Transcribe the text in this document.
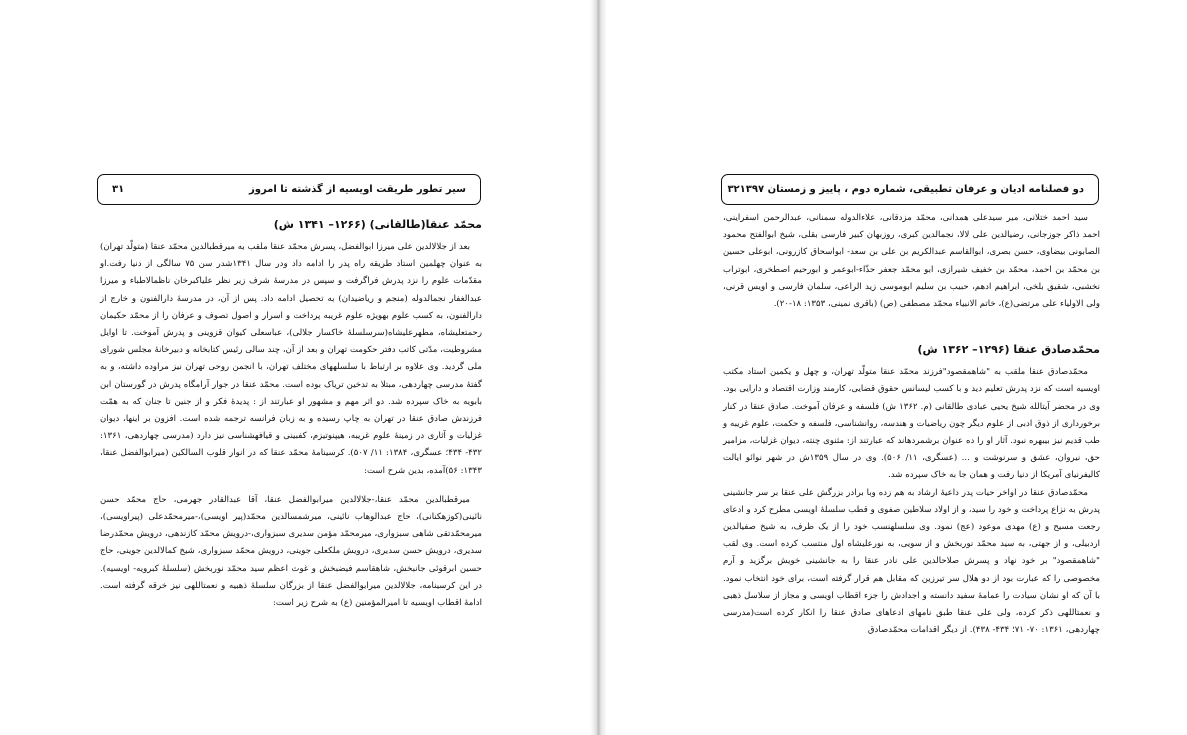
سیر تطور طریقت اویسیه از گذشته تا امروز
۳۱
محمّد عنقا(طالقانی) (۱۲۶۶– ۱۳۴۱ ش)

بعد از جلالالدین علی میرزا ابوالفضل، پسرش محمّد عنقا ملقب به میرقطبالدین محمّد عنقا (متولّد تهران) به عنوان چهلمین استاد طریقه راه پدر را ادامه داد ودر سال ۱۳۴۱شدر سن ۷۵ سالگی از دنیا رفت.او مقدّمات علوم را نزد پدرش فراگرفت و سپس در مدرسۀ شرف زیر نظر علیاکبرخان ناظمالاطباء و میرزا عبدالغفار نجمالدوله (منجم و ریاضیدان) به تحصیل ادامه داد. پس از آن، در مدرسۀ دارالفنون و خارج از دارالفنون، به کسب علوم بهویژه علوم غریبه پرداخت و اسرار و اصول تصوف و عرفان را از محمّد حکیمان رحمتعلیشاه، مطهرعلیشاه(سرسلسلۀ خاکسار جلالی)، عباسعلی کیوان قزوینی و پدرش آموخت. تا اوایل مشروطیت، مدّتی کاتب دفتر حکومت تهران و بعد از آن، چند سالی رئیس کتابخانه و دبیرخانۀ مجلس شورای ملی گردید. وی علاوه بر ارتباط با سلسلههای مختلف تهران، با انجمن روحی تهران نیز مراوده داشته، و به گفتۀ مدرسی چهاردهی، مبتلا به تدخین تریاک بوده است. محمّد عنقا در جوار آرامگاه پدرش در گورستان ابن بابویه به خاک سپرده شد. دو اثر مهم و مشهور او عبارتند از : پدیدۀ فکر و از جنین تا جنان که به همّت فرزندش صادق عنقا در تهران به چاپ رسیده و به زبان فرانسه ترجمه شده است. افزون بر اینها، دیوان غزلیات و آثاری در زمینۀ علوم غریبه، هیپنوتیزم، کفبینی و قیافهشناسی نیز دارد (مدرسی چهاردهی، ۱۳۶۱: ۴۳۲- ۴۳۴؛ عسگری، ۱۳۸۴: ۱۱/ ۵۰۷). کرسینامۀ محمّد عنقا که در انوار قلوب السالکین (میرابوالفضل عنقا، ۱۳۴۳: ۵۶)آمده، بدین شرح است:

میرقطبالدین محمّد عنقا،-جلالالدین میرابوالفضل عنقا، آقا عبدالقادر جهرمی، حاج محمّد حسن نائینی(کوزهکنانی)، حاج عبدالوهاب نائینی، میرشمسالدین محمّد(پیر اویسی)،-میرمحمّدعلی (پیراویسی)، میرمحمّدتقی شاهی سبزواری، میرمحمّد مؤمن سدیری سبزواری،-درویش محمّد کازندهی، درویش محمّدرضا سدیری، درویش حسن سدیری، درویش ملکعلی جوینی، درویش محمّد سبزواری، شیخ کمالالدین جوینی، حاج حسین ابرقوئی جانبخش، شاهقاسم فیضبخش و غوث اعظم سید محمّد نوربخش (سلسلۀ کبرویه- اویسیه). در این کرسینامه، جلالالدین میرابوالفضل عنقا از بزرگان سلسلۀ ذهبیه و نعمتاللهی نیز خرقه گرفته است. ادامۀ اقطاب اویسیه تا امیرالمؤمنین (ع) به شرح زیر است:

دو فصلنامه ادیان و عرفان تطبیقی، شماره دوم ، پاییز و زمستان ۱۳۹۷
۳۲

سید احمد ختلانی، میر سیدعلی همدانی، محمّد مزدقانی، علاءالدوله سمنانی، عبدالرحمن اسفراینی، احمد ذاکر جوزجانی، رضیالدین علی لالا، نجمالدین کبری، روزبهان کبیر فارسی بقلی، شیخ ابوالفتح محمود الصابونی بیضاوی، حسن بصری، ابوالقاسم عبدالکریم بن علی بن سعد- ابواسحاق کازرونی، ابوعلی حسین بن محمّد بن احمد، محمّد بن خفیف شیرازی، ابو محمّد جعفر حذّاء-ابوعمر و ابورحیم اصطخری، ابوتراب نخشبی، شقیق بلخی، ابراهیم ادهم، حبیب بن سلیم ابوموسی زید الراعی، سلمان فارسی و اویس قرنی، ولی الاولیاء علی مرتضی(ع)، خاتم الانبیاء محمّد مصطفی (ص) (باقری نمینی، ۱۳۵۳: ۱۸-۲۰).

محمّدصادق عنقا (۱۲۹۶– ۱۳۶۲ ش)

محمّدصادق عنقا ملقب به "شاهمقصود"فرزند محمّد عنقا متولّد تهران، و چهل و یکمین استاد مکتب اویسیه است که نزد پدرش تعلیم دید و با کسب لیسانس حقوق قضایی، کارمند وزارت اقتصاد و دارایی بود. وی در محضر آیتالله شیخ یحیی عبادی طالقانی (م. ۱۳۶۲ ش) فلسفه و عرفان آموخت. صادق عنقا در کنار برخورداری از ذوق ادبی از علوم دیگر چون ریاضیات و هندسه، روانشناسی، فلسفه و حکمت، علوم غریبه و طب قدیم نیز بیبهره نبود. آثار او را ده عنوان برشمردهاند که عبارتند از: مثنوی چنته، دیوان غزلیات، مزامیر حق، نیروان، عشق و سرنوشت و ... (عسگری، ۱۱/ ۵۰۶). وی در سال ۱۳۵۹ش در شهر نوائو ایالت کالیفرنیای آمریکا از دنیا رفت و همان جا به خاک سپرده شد.

محمّدصادق عنقا در اواخر حیات پدر داعیۀ ارشاد به هم زده وبا برادر بزرگش علی عنقا بر سر جانشینی پدرش به نزاع پرداخت و خود را سید، و از اولاد سلاطین صفوی و قطب سلسلۀ اویسی مطرح کرد و ادعای رجعت مسیح و (ع) مهدی موعود (عج) نمود. وی سلسلهنسب خود را از یک طرف، به شیخ صفیالدین اردبیلی، و از جهتی، به سید محمّد نوربخش و از سویی، به نورعلیشاه اول منتسب کرده است. وی لقب "شاهمقصود" بر خود نهاد و پسرش صلاحالدین علی نادر عنقا را به جانشینی خویش برگزید و آرم مخصوصی را که عبارت بود از دو هلال سر تیرزین که مقابل هم قرار گرفته است، برای خود انتخاب نمود. با آن که او نشان سیادت را عمامۀ سفید دانسته و اجدادش را جزء اقطاب اویسی و مجاز از سلاسل ذهبی و نعمتاللهی ذکر کرده، ولی علی عنقا طبق نامهای ادعاهای صادق عنقا را انکار کرده است(مدرسی چهاردهی، ۱۳۶۱: ۷۰- ۷۱؛ ۴۳۴- ۴۳۸). از دیگر اقدامات محمّدصادق
